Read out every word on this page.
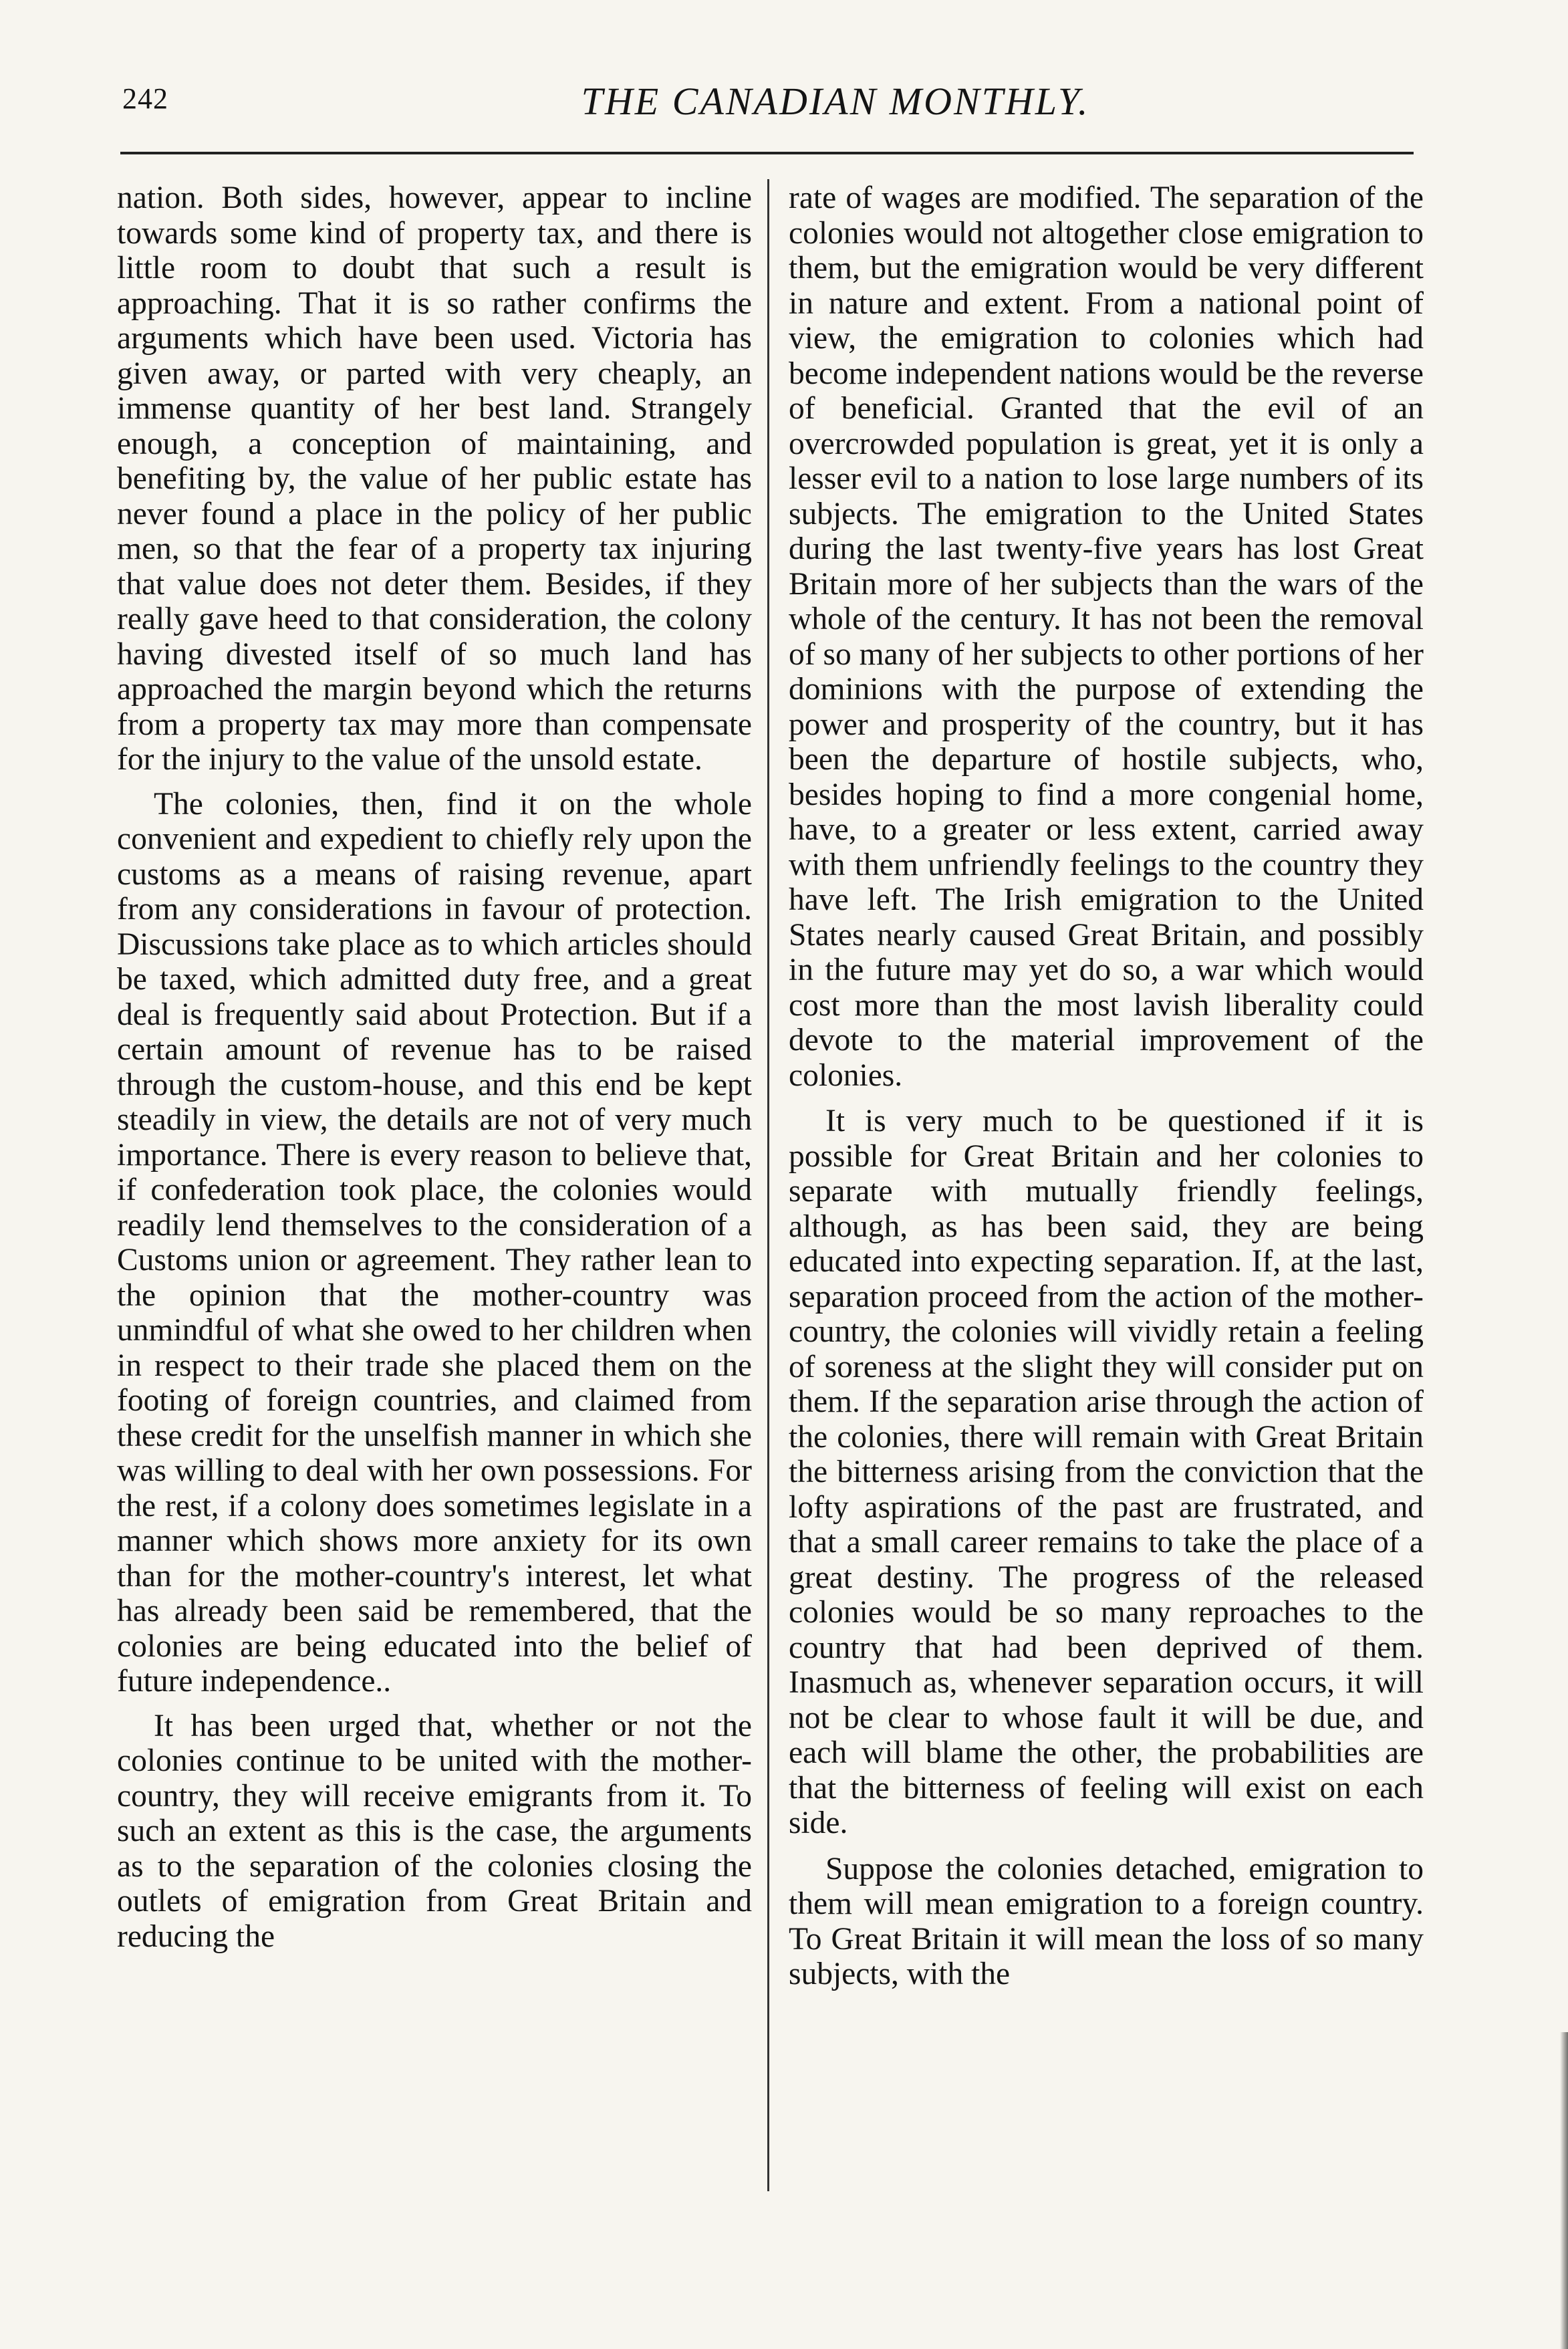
242	THE CANADIAN MONTHLY.

nation. Both sides, however, appear to incline towards some kind of property tax, and there is little room to doubt that such a result is approaching. That it is so rather confirms the arguments which have been used. Victoria has given away, or parted with very cheaply, an immense quantity of her best land. Strangely enough, a conception of maintaining, and benefiting by, the value of her public estate has never found a place in the policy of her public men, so that the fear of a property tax injuring that value does not deter them. Besides, if they really gave heed to that consideration, the colony having divested itself of so much land has approached the margin beyond which the returns from a property tax may more than compensate for the injury to the value of the unsold estate.

The colonies, then, find it on the whole convenient and expedient to chiefly rely upon the customs as a means of raising revenue, apart from any considerations in favour of protection. Discussions take place as to which articles should be taxed, which admitted duty free, and a great deal is frequently said about Protection. But if a certain amount of revenue has to be raised through the custom-house, and this end be kept steadily in view, the details are not of very much importance. There is every reason to believe that, if confederation took place, the colonies would readily lend themselves to the consideration of a Customs union or agreement. They rather lean to the opinion that the mother-country was unmindful of what she owed to her children when in respect to their trade she placed them on the footing of foreign countries, and claimed from these credit for the unselfish manner in which she was willing to deal with her own possessions. For the rest, if a colony does sometimes legislate in a manner which shows more anxiety for its own than for the mother-country's interest, let what has already been said be remembered, that the colonies are being educated into the belief of future independence..

It has been urged that, whether or not the colonies continue to be united with the mother-country, they will receive emigrants from it. To such an extent as this is the case, the arguments as to the separation of the colonies closing the outlets of emigration from Great Britain and reducing the

rate of wages are modified. The separation of the colonies would not altogether close emigration to them, but the emigration would be very different in nature and extent. From a national point of view, the emigration to colonies which had become independent nations would be the reverse of beneficial. Granted that the evil of an overcrowded population is great, yet it is only a lesser evil to a nation to lose large numbers of its subjects. The emigration to the United States during the last twenty-five years has lost Great Britain more of her subjects than the wars of the whole of the century. It has not been the removal of so many of her subjects to other portions of her dominions with the purpose of extending the power and prosperity of the country, but it has been the departure of hostile subjects, who, besides hoping to find a more congenial home, have, to a greater or less extent, carried away with them unfriendly feelings to the country they have left. The Irish emigration to the United States nearly caused Great Britain, and possibly in the future may yet do so, a war which would cost more than the most lavish liberality could devote to the material improvement of the colonies.

It is very much to be questioned if it is possible for Great Britain and her colonies to separate with mutually friendly feelings, although, as has been said, they are being educated into expecting separation. If, at the last, separation proceed from the action of the mother-country, the colonies will vividly retain a feeling of soreness at the slight they will consider put on them. If the separation arise through the action of the colonies, there will remain with Great Britain the bitterness arising from the conviction that the lofty aspirations of the past are frustrated, and that a small career remains to take the place of a great destiny. The progress of the released colonies would be so many reproaches to the country that had been deprived of them. Inasmuch as, whenever separation occurs, it will not be clear to whose fault it will be due, and each will blame the other, the probabilities are that the bitterness of feeling will exist on each side.

Suppose the colonies detached, emigration to them will mean emigration to a foreign country. To Great Britain it will mean the loss of so many subjects, with the
